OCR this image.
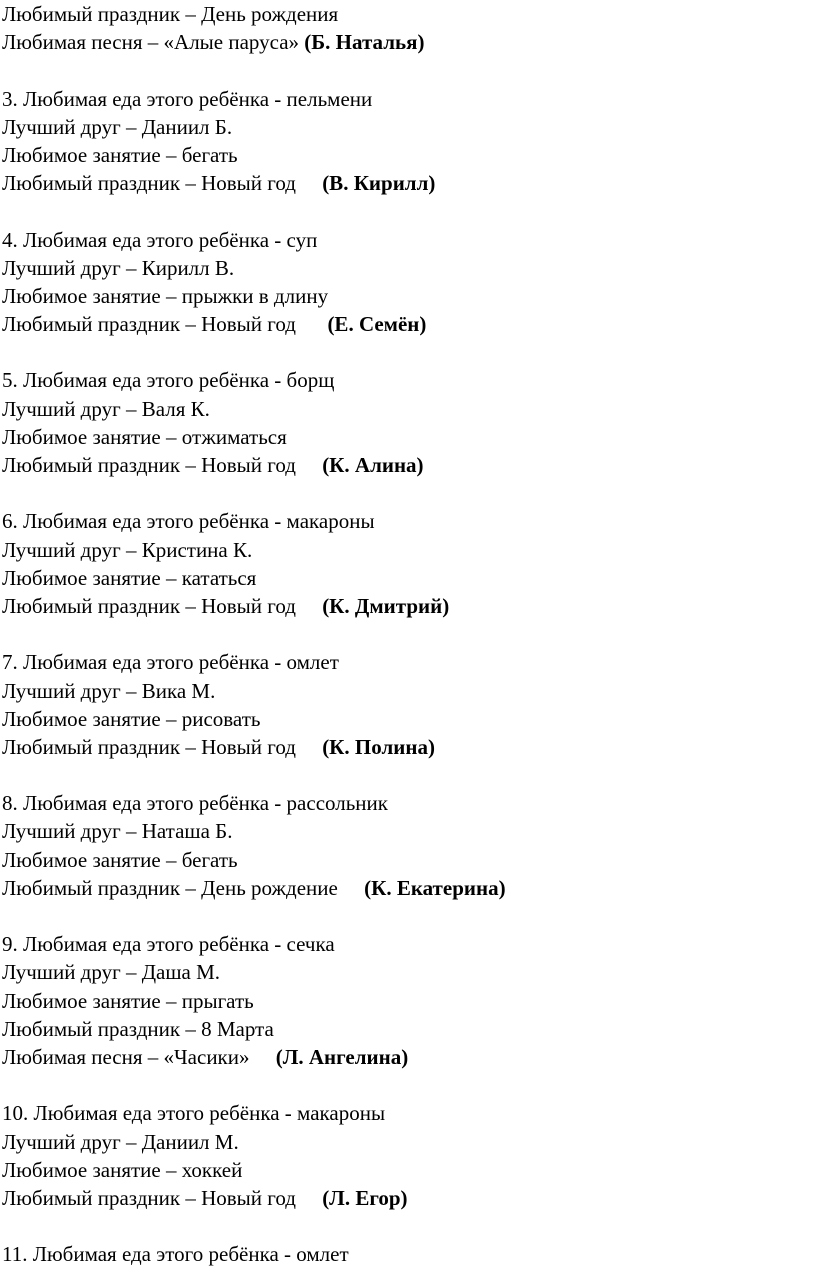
Любимый праздник – День рождения
Любимая песня – «Алые паруса» (Б. Наталья)
3. Любимая еда этого ребёнка - пельмени
Лучший друг – Даниил Б.
Любимое занятие – бегать
Любимый праздник – Новый год     (В. Кирилл)
4. Любимая еда этого ребёнка - суп
Лучший друг – Кирилл В.
Любимое занятие – прыжки в длину
Любимый праздник – Новый год      (Е. Семён)
5. Любимая еда этого ребёнка - борщ
Лучший друг – Валя К.
Любимое занятие – отжиматься
Любимый праздник – Новый год     (К. Алина)
6. Любимая еда этого ребёнка - макароны
Лучший друг – Кристина К.
Любимое занятие – кататься
Любимый праздник – Новый год     (К. Дмитрий)
7. Любимая еда этого ребёнка - омлет
Лучший друг – Вика М.
Любимое занятие – рисовать
Любимый праздник – Новый год     (К. Полина)
8. Любимая еда этого ребёнка - рассольник
Лучший друг – Наташа Б.
Любимое занятие – бегать
Любимый праздник – День рождение     (К. Екатерина)
9. Любимая еда этого ребёнка - сечка
Лучший друг – Даша М.
Любимое занятие – прыгать
Любимый праздник – 8 Марта
Любимая песня – «Часики»     (Л. Ангелина)
10. Любимая еда этого ребёнка - макароны
Лучший друг – Даниил М.
Любимое занятие – хоккей
Любимый праздник – Новый год     (Л. Егор)
11. Любимая еда этого ребёнка - омлет
